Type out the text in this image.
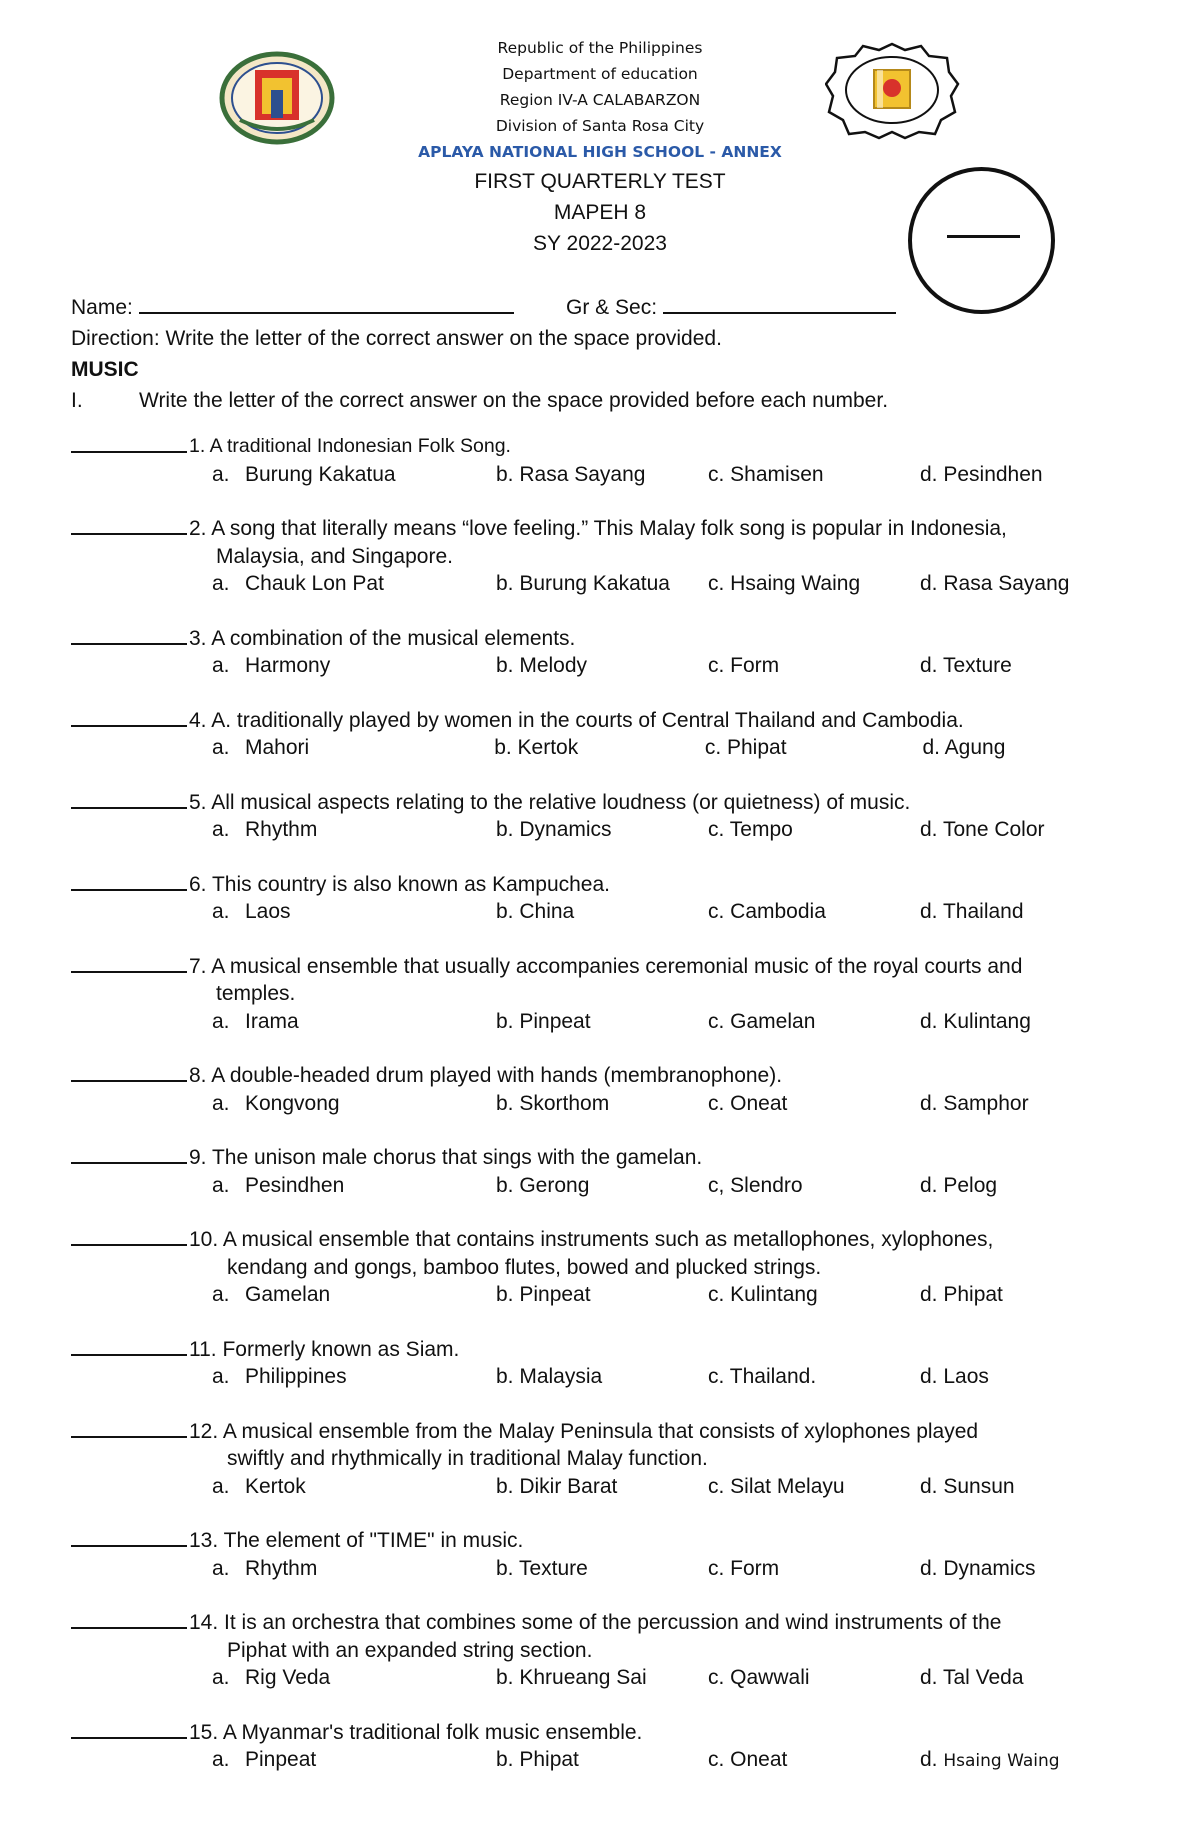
Republic of the Philippines
Department of education
Region IV-A CALABARZON
Division of Santa Rosa City
APLAYA NATIONAL HIGH SCHOOL - ANNEX
FIRST QUARTERLY TEST
MAPEH 8
SY 2022-2023
Name:	Gr & Sec:
Direction: Write the letter of the correct answer on the space provided.
MUSIC
I.	Write the letter of the correct answer on the space provided before each number.
1. A traditional Indonesian Folk Song.
a. Burung Kakatua	b. Rasa Sayang	c. Shamisen	d. Pesindhen
2. A song that literally means “love feeling.” This Malay folk song is popular in Indonesia,
Malaysia, and Singapore.
a. Chauk Lon Pat	b. Burung Kakatua	c. Hsaing Waing	d. Rasa Sayang
3. A combination of the musical elements.
a. Harmony	b. Melody	c. Form	d. Texture
4. A. traditionally played by women in the courts of Central Thailand and Cambodia.
a. Mahori	b. Kertok	c. Phipat	d. Agung
5. All musical aspects relating to the relative loudness (or quietness) of music.
a. Rhythm	b. Dynamics	c. Tempo	d. Tone Color
6. This country is also known as Kampuchea.
a. Laos	b. China	c. Cambodia	d. Thailand
7. A musical ensemble that usually accompanies ceremonial music of the royal courts and
temples.
a. Irama	b. Pinpeat	c. Gamelan	d. Kulintang
8. A double-headed drum played with hands (membranophone).
a. Kongvong	b. Skorthom	c. Oneat	d. Samphor
9. The unison male chorus that sings with the gamelan.
a. Pesindhen	b. Gerong	c, Slendro	d. Pelog
10. A musical ensemble that contains instruments such as metallophones, xylophones,
kendang and gongs, bamboo flutes, bowed and plucked strings.
a. Gamelan	b. Pinpeat	c. Kulintang	d. Phipat
11. Formerly known as Siam.
a. Philippines	b. Malaysia	c. Thailand.	d. Laos
12. A musical ensemble from the Malay Peninsula that consists of xylophones played
swiftly and rhythmically in traditional Malay function.
a. Kertok	b. Dikir Barat	c. Silat Melayu	d. Sunsun
13. The element of "TIME" in music.
a. Rhythm	b. Texture	c. Form	d. Dynamics
14. It is an orchestra that combines some of the percussion and wind instruments of the
Piphat with an expanded string section.
a. Rig Veda	b. Khrueang Sai	c. Qawwali	d. Tal Veda
15. A Myanmar's traditional folk music ensemble.
a. Pinpeat	b. Phipat	c. Oneat	d. Hsaing Waing
